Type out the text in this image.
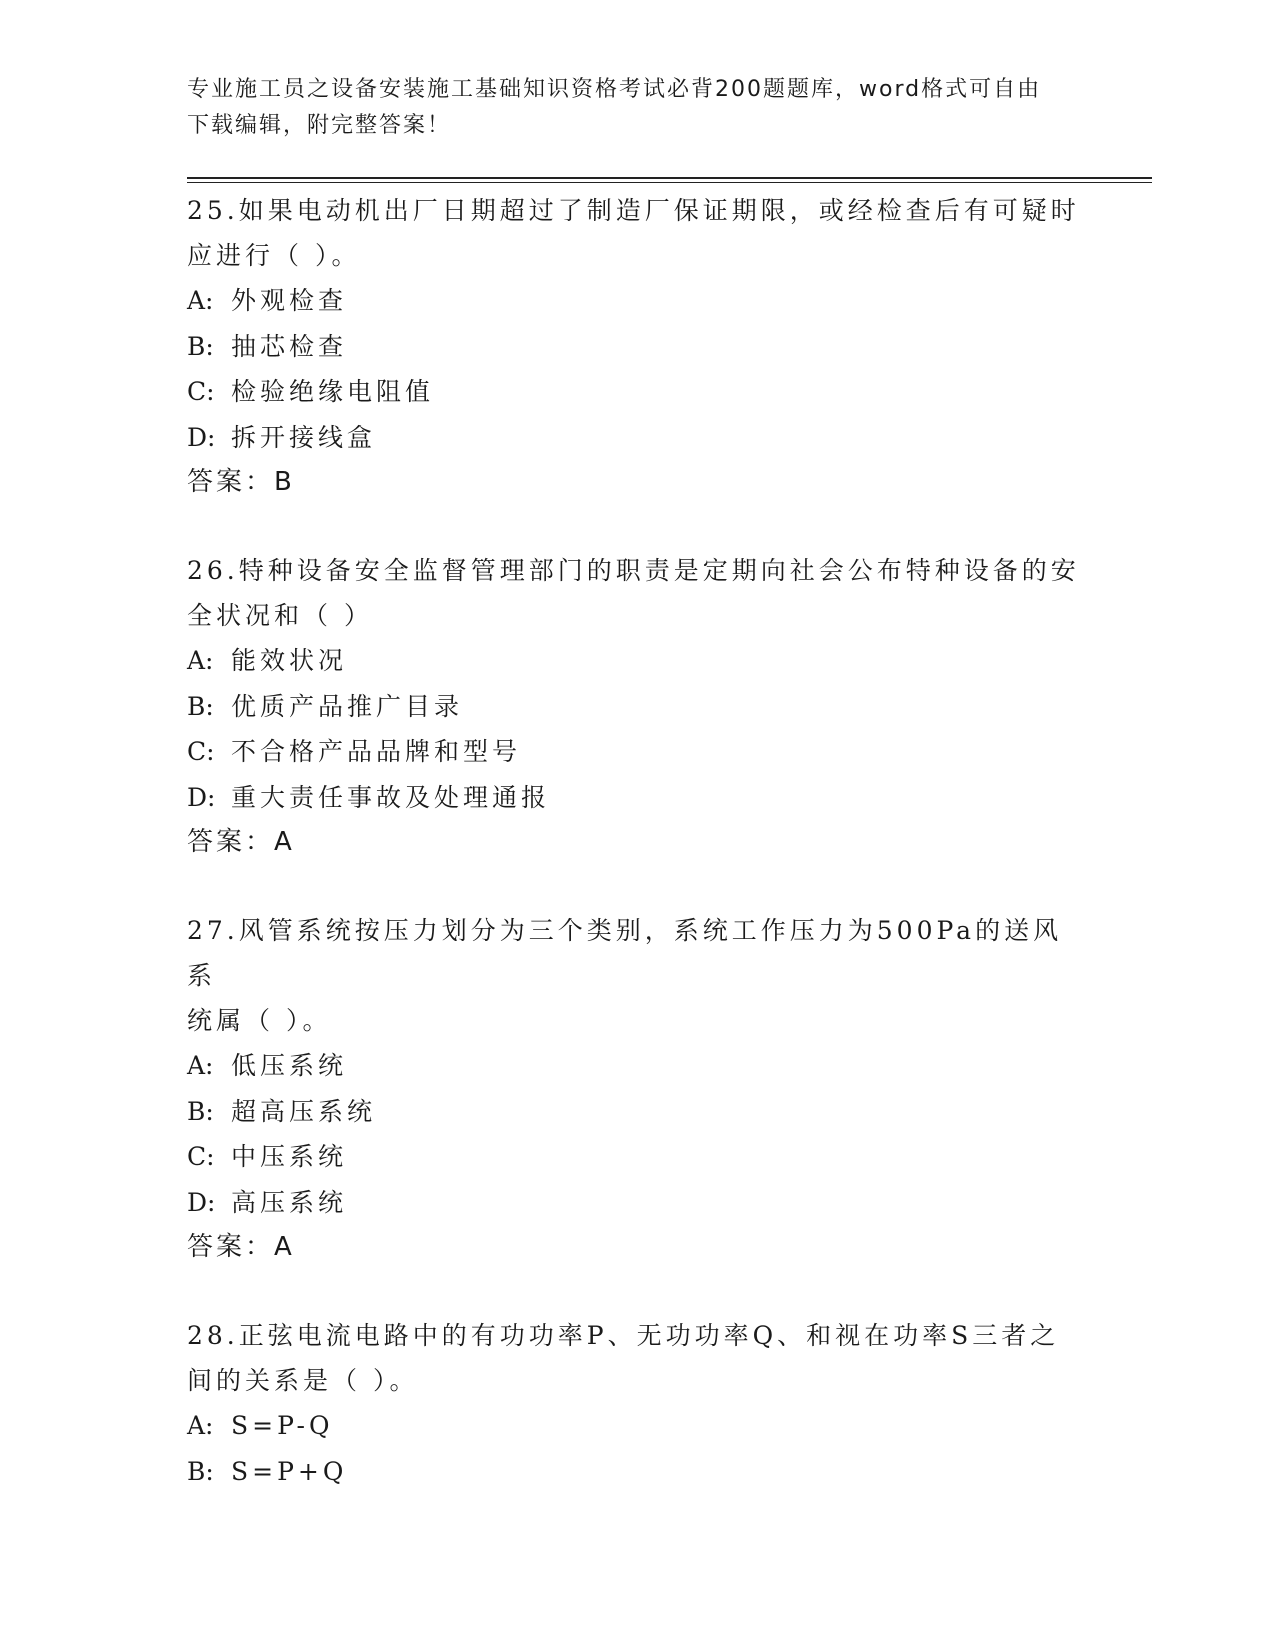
专业施工员之设备安装施工基础知识资格考试必背200题题库，word格式可自由
下载编辑，附完整答案！
25.如果电动机出厂日期超过了制造厂保证期限，或经检查后有可疑时
应进行（ ）。
A: 外观检查
B: 抽芯检查
C: 检验绝缘电阻值
D: 拆开接线盒
答案：B
26.特种设备安全监督管理部门的职责是定期向社会公布特种设备的安
全状况和（ ）
A: 能效状况
B: 优质产品推广目录
C: 不合格产品品牌和型号
D: 重大责任事故及处理通报
答案：A
27.风管系统按压力划分为三个类别，系统工作压力为500Pa的送风系
统属（ ）。
A: 低压系统
B: 超高压系统
C: 中压系统
D: 高压系统
答案：A
28.正弦电流电路中的有功功率P、无功功率Q、和视在功率S三者之
间的关系是（ ）。
A: S=P-Q
B: S=P+Q
